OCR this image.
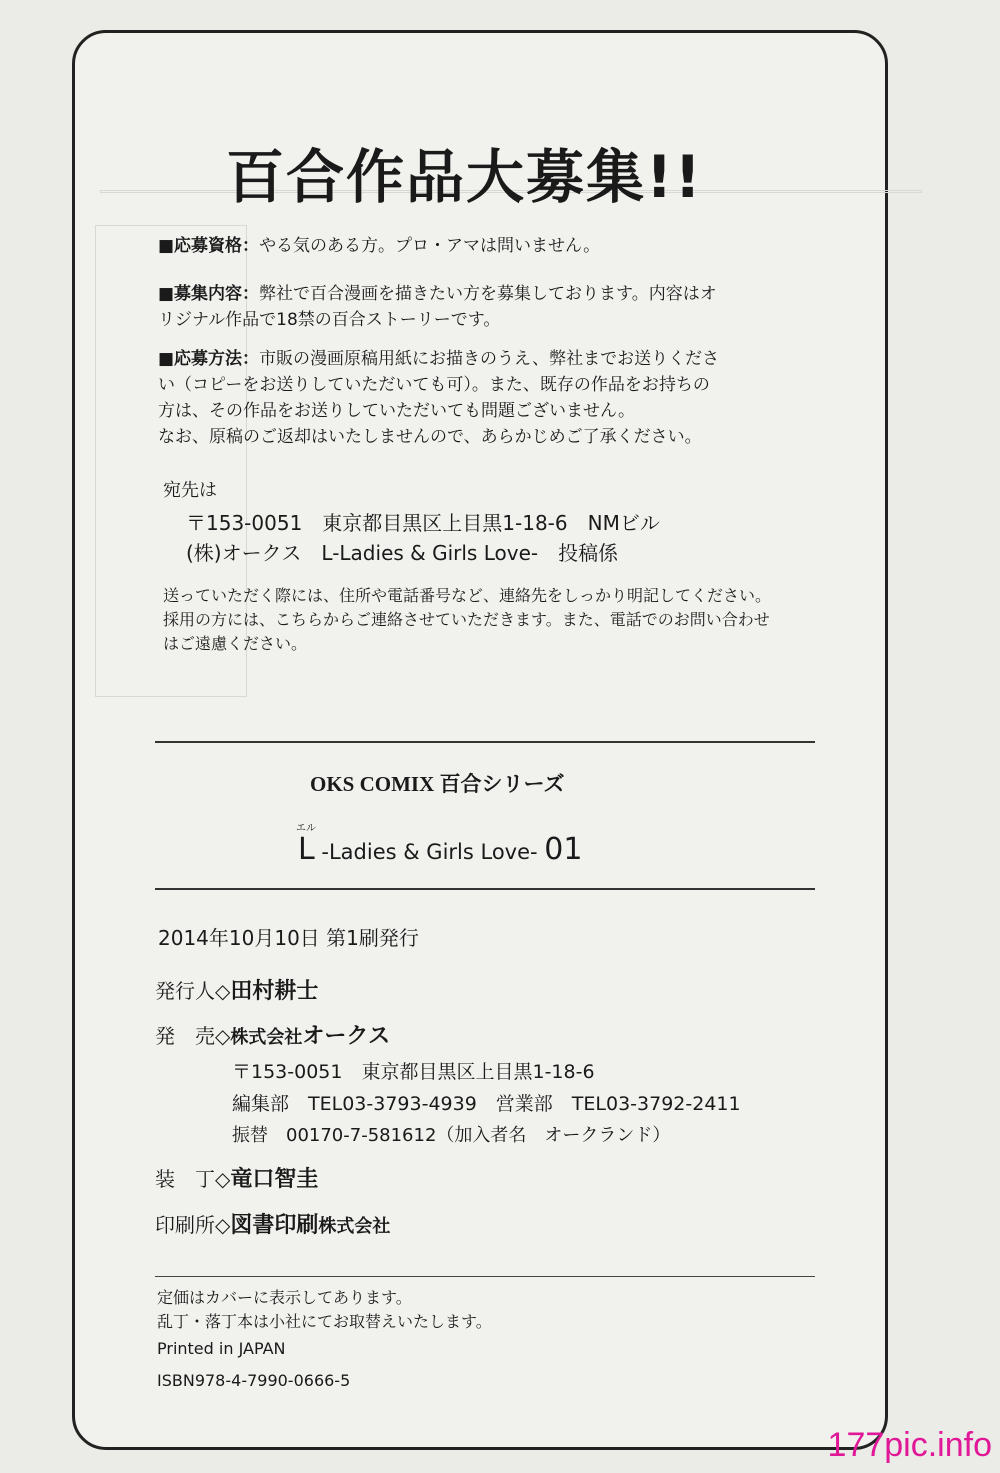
百合作品大募集!!
■応募資格：やる気のある方。プロ・アマは問いません。
■募集内容：弊社で百合漫画を描きたい方を募集しております。内容はオ
リジナル作品で18禁の百合ストーリーです。
■応募方法：市販の漫画原稿用紙にお描きのうえ、弊社までお送りくださ
い（コピーをお送りしていただいても可）。また、既存の作品をお持ちの
方は、その作品をお送りしていただいても問題ございません。
なお、原稿のご返却はいたしませんので、あらかじめご了承ください。
宛先は
〒153-0051　東京都目黒区上目黒1-18-6　NMビル
(株)オークス　L-Ladies & Girls Love-　投稿係
送っていただく際には、住所や電話番号など、連絡先をしっかり明記してください。
採用の方には、こちらからご連絡させていただきます。また、電話でのお問い合わせ
はご遠慮ください。
OKS COMIX 百合シリーズ
エル
L -Ladies & Girls Love- 01
2014年10月10日 第1刷発行
発行人◇田村耕士
発　売◇株式会社オークス
〒153-0051　東京都目黒区上目黒1-18-6
編集部　TEL03-3793-4939　営業部　TEL03-3792-2411
振替　00170-7-581612（加入者名　オークランド）
装　丁◇竜口智圭
印刷所◇図書印刷株式会社
定価はカバーに表示してあります。
乱丁・落丁本は小社にてお取替えいたします。
Printed in JAPAN
ISBN978-4-7990-0666-5
177pic.info
